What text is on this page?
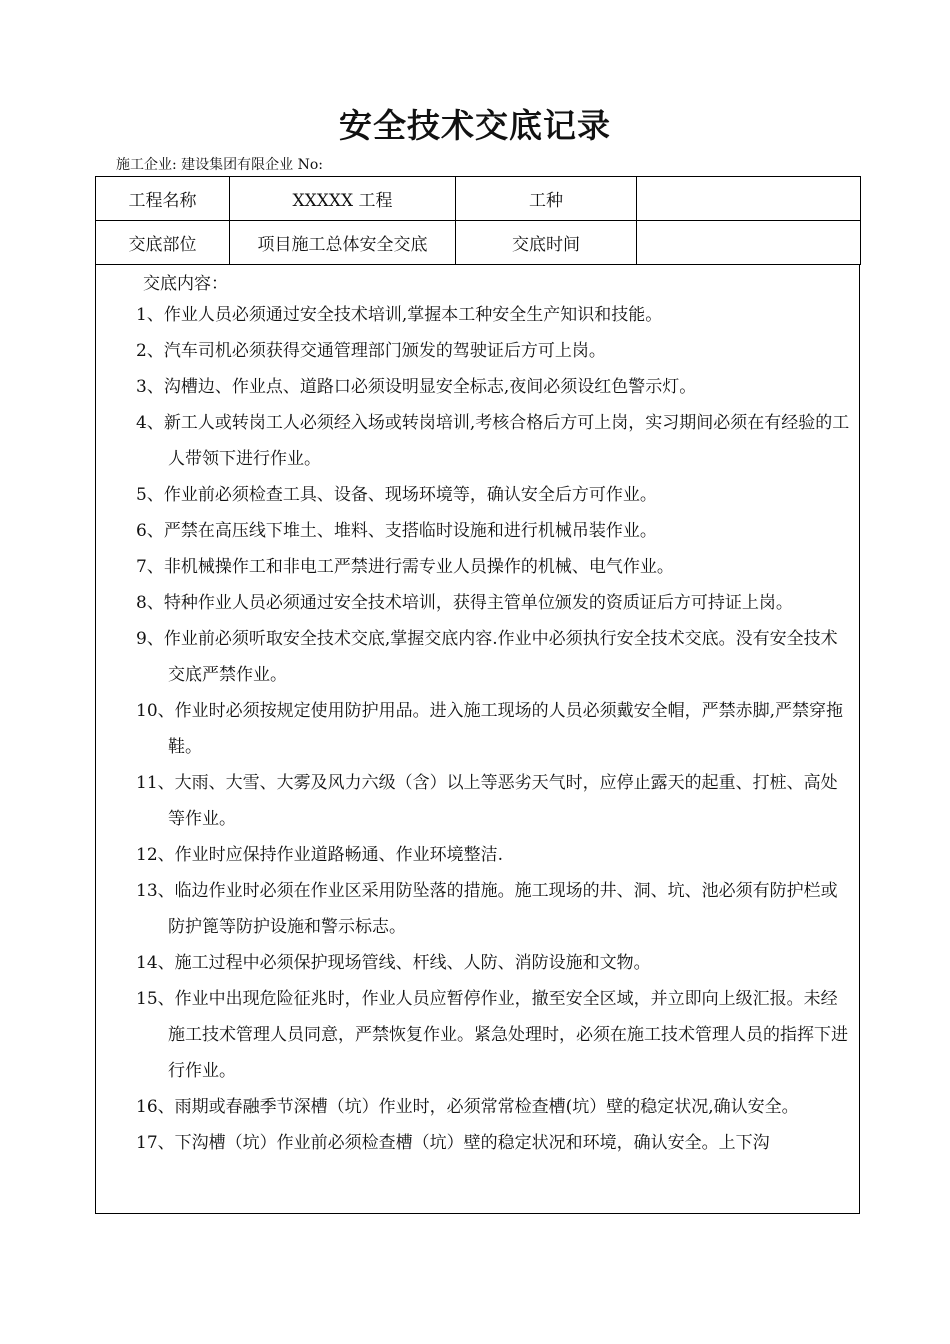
安全技术交底记录
施工企业: 建设集团有限企业 No:
工程名称	XXXXX 工程	工种	
交底部位	项目施工总体安全交底	交底时间	
交底内容：
1、作业人员必须通过安全技术培训,掌握本工种安全生产知识和技能。
2、汽车司机必须获得交通管理部门颁发的驾驶证后方可上岗。
3、沟槽边、作业点、道路口必须设明显安全标志,夜间必须设红色警示灯。
4、新工人或转岗工人必须经入场或转岗培训,考核合格后方可上岗，实习期间必须在有经验的工人带领下进行作业。
5、作业前必须检查工具、设备、现场环境等，确认安全后方可作业。
6、严禁在高压线下堆土、堆料、支搭临时设施和进行机械吊装作业。
7、非机械操作工和非电工严禁进行需专业人员操作的机械、电气作业。
8、特种作业人员必须通过安全技术培训，获得主管单位颁发的资质证后方可持证上岗。
9、作业前必须听取安全技术交底,掌握交底内容.作业中必须执行安全技术交底。没有安全技术交底严禁作业。
10、作业时必须按规定使用防护用品。进入施工现场的人员必须戴安全帽，严禁赤脚,严禁穿拖鞋。
11、大雨、大雪、大雾及风力六级（含）以上等恶劣天气时，应停止露天的起重、打桩、高处等作业。
12、作业时应保持作业道路畅通、作业环境整洁.
13、临边作业时必须在作业区采用防坠落的措施。施工现场的井、洞、坑、池必须有防护栏或防护篦等防护设施和警示标志。
14、施工过程中必须保护现场管线、杆线、人防、消防设施和文物。
15、作业中出现危险征兆时，作业人员应暂停作业，撤至安全区域，并立即向上级汇报。未经施工技术管理人员同意，严禁恢复作业。紧急处理时，必须在施工技术管理人员的指挥下进行作业。
16、雨期或春融季节深槽（坑）作业时，必须常常检查槽(坑）壁的稳定状况,确认安全。
17、下沟槽（坑）作业前必须检查槽（坑）壁的稳定状况和环境，确认安全。上下沟
